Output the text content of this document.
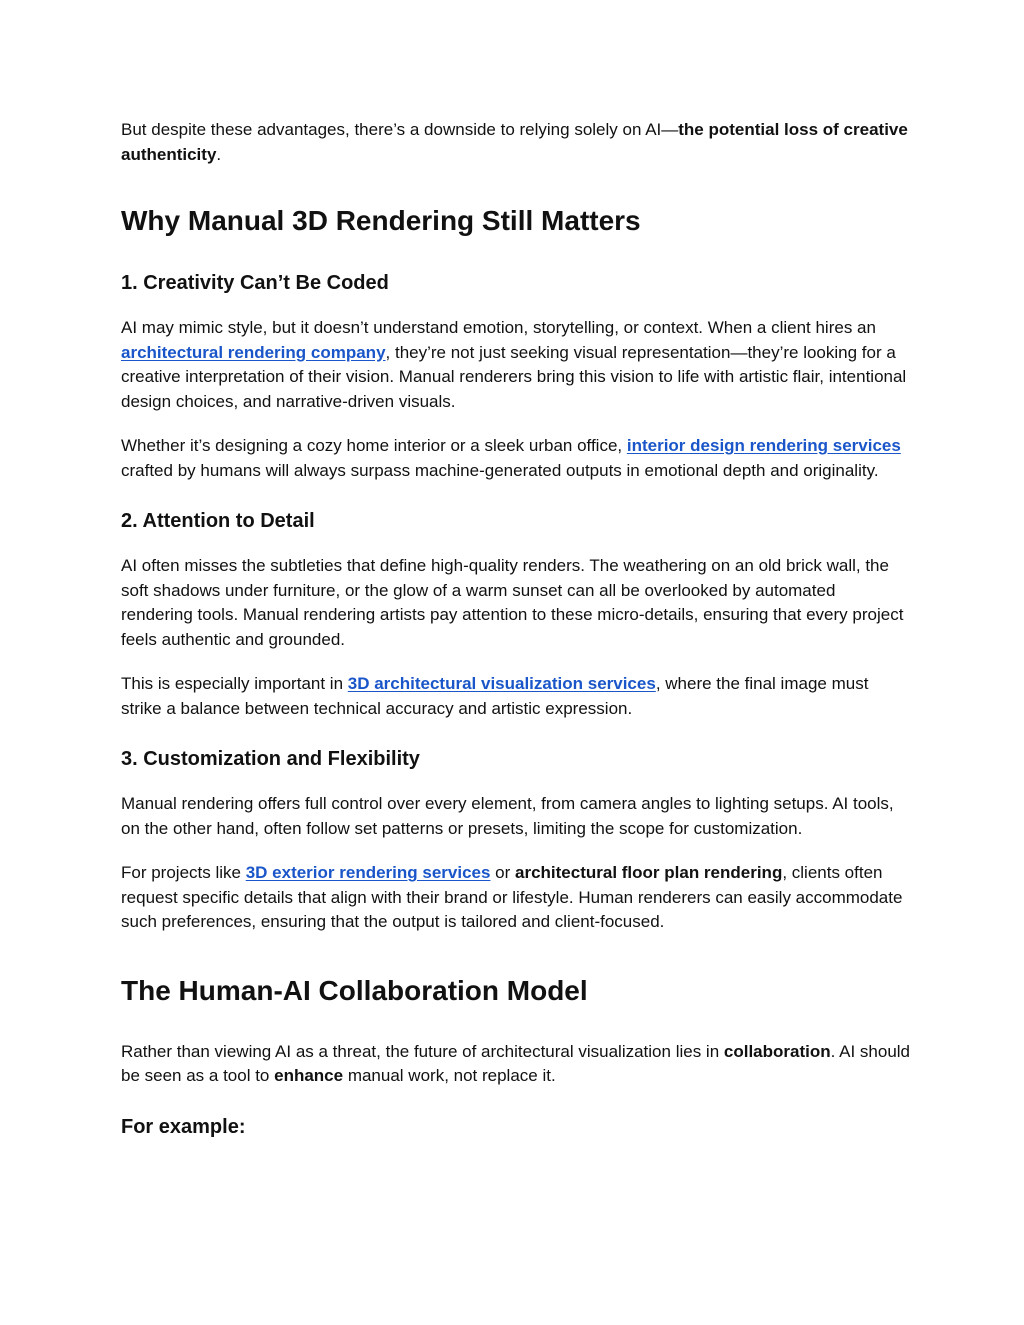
But despite these advantages, there’s a downside to relying solely on AI—the potential loss of creative authenticity.

Why Manual 3D Rendering Still Matters
1. Creativity Can’t Be Coded

AI may mimic style, but it doesn’t understand emotion, storytelling, or context. When a client hires an architectural rendering company, they’re not just seeking visual representation—they’re looking for a creative interpretation of their vision. Manual renderers bring this vision to life with artistic flair, intentional design choices, and narrative-driven visuals.

Whether it’s designing a cozy home interior or a sleek urban office, interior design rendering services crafted by humans will always surpass machine-generated outputs in emotional depth and originality.

2. Attention to Detail

AI often misses the subtleties that define high-quality renders. The weathering on an old brick wall, the soft shadows under furniture, or the glow of a warm sunset can all be overlooked by automated rendering tools. Manual rendering artists pay attention to these micro-details, ensuring that every project feels authentic and grounded.

This is especially important in 3D architectural visualization services, where the final image must strike a balance between technical accuracy and artistic expression.

3. Customization and Flexibility

Manual rendering offers full control over every element, from camera angles to lighting setups. AI tools, on the other hand, often follow set patterns or presets, limiting the scope for customization.

For projects like 3D exterior rendering services or architectural floor plan rendering, clients often request specific details that align with their brand or lifestyle. Human renderers can easily accommodate such preferences, ensuring that the output is tailored and client-focused.

The Human-AI Collaboration Model

Rather than viewing AI as a threat, the future of architectural visualization lies in collaboration. AI should be seen as a tool to enhance manual work, not replace it.

For example:
